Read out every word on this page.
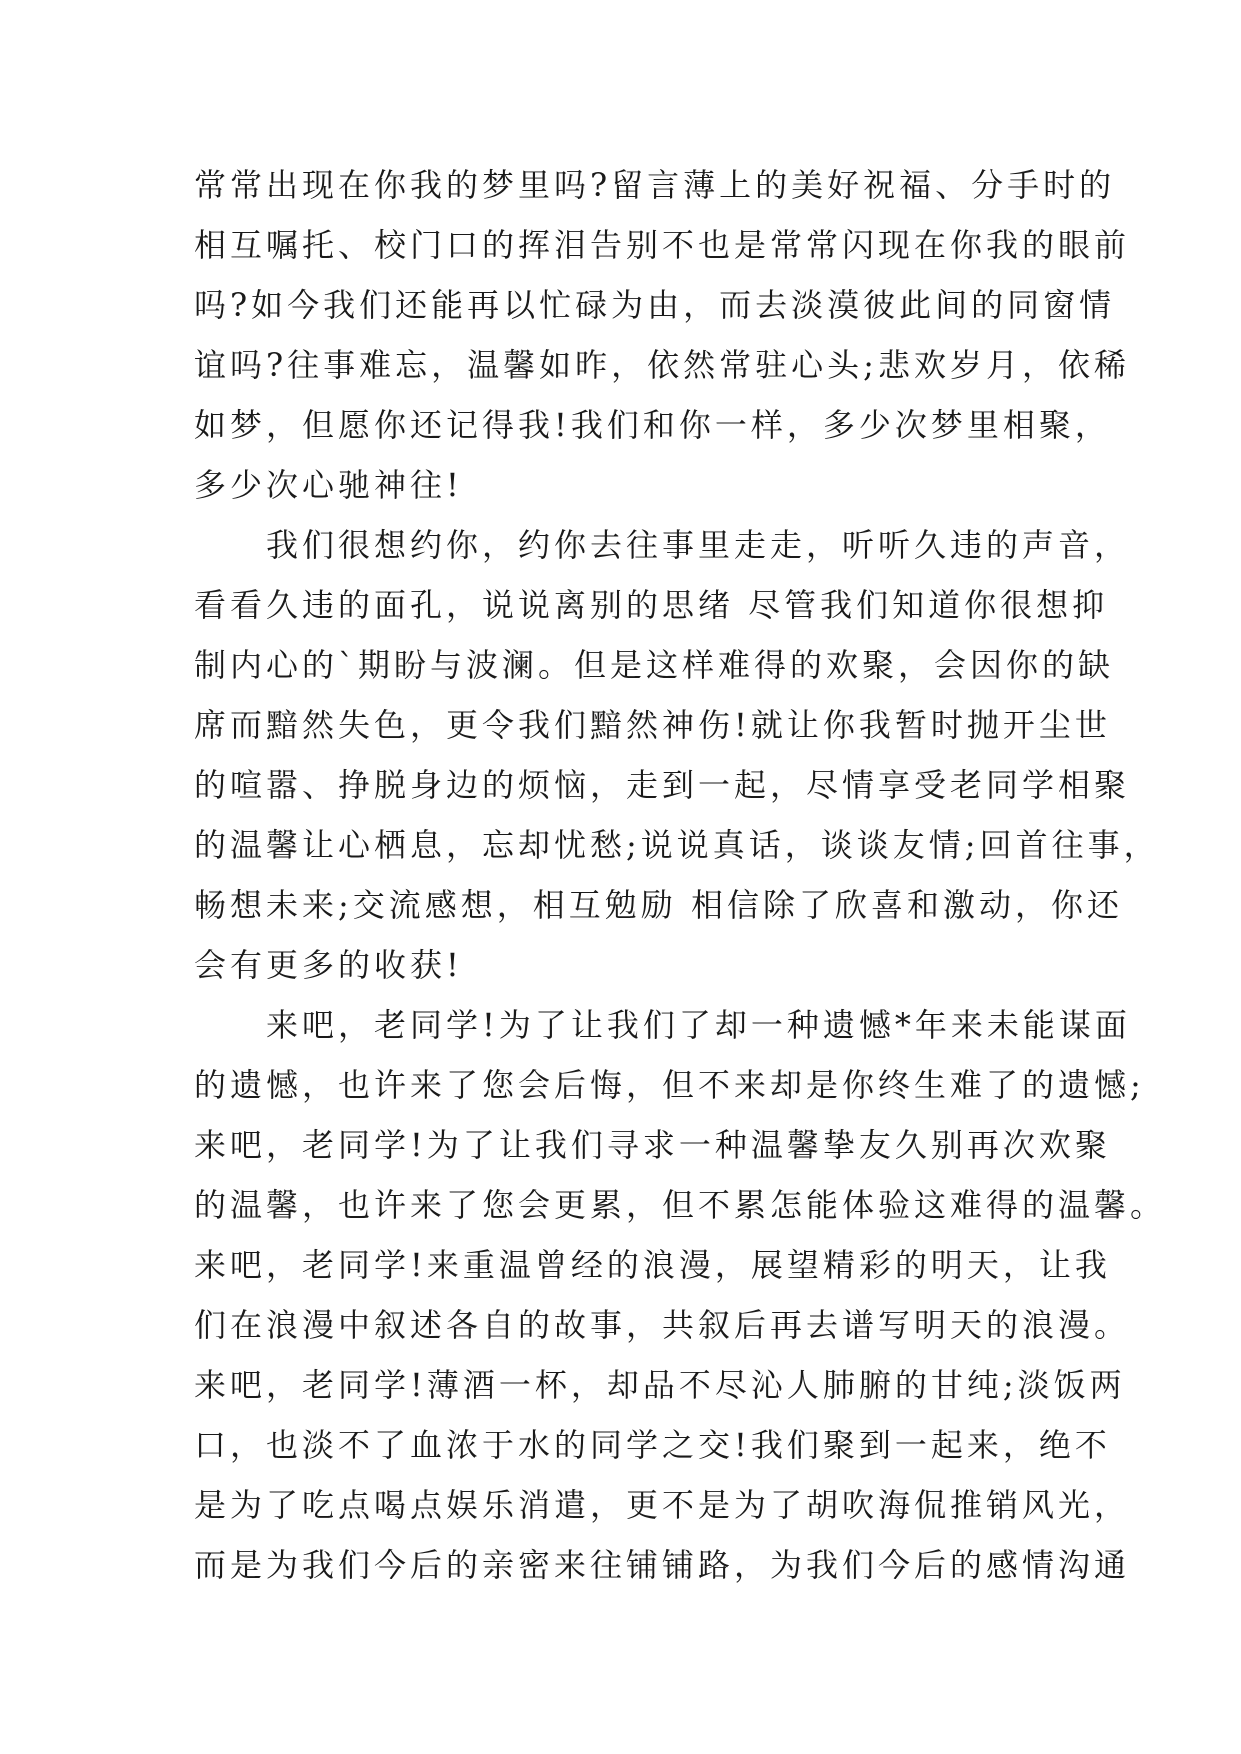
常常出现在你我的梦里吗?留言薄上的美好祝福、分手时的
相互嘱托、校门口的挥泪告别不也是常常闪现在你我的眼前
吗?如今我们还能再以忙碌为由，而去淡漠彼此间的同窗情
谊吗?往事难忘，温馨如昨，依然常驻心头;悲欢岁月，依稀
如梦，但愿你还记得我!我们和你一样，多少次梦里相聚，
多少次心驰神往!
　　我们很想约你，约你去往事里走走，听听久违的声音，
看看久违的面孔，说说离别的思绪 尽管我们知道你很想抑
制内心的`期盼与波澜。但是这样难得的欢聚，会因你的缺
席而黯然失色，更令我们黯然神伤!就让你我暂时抛开尘世
的喧嚣、挣脱身边的烦恼，走到一起，尽情享受老同学相聚
的温馨让心栖息，忘却忧愁;说说真话，谈谈友情;回首往事，
畅想未来;交流感想，相互勉励 相信除了欣喜和激动，你还
会有更多的收获!
　　来吧，老同学!为了让我们了却一种遗憾*年来未能谋面
的遗憾，也许来了您会后悔，但不来却是你终生难了的遗憾;
来吧，老同学!为了让我们寻求一种温馨挚友久别再次欢聚
的温馨，也许来了您会更累，但不累怎能体验这难得的温馨。
来吧，老同学!来重温曾经的浪漫，展望精彩的明天，让我
们在浪漫中叙述各自的故事，共叙后再去谱写明天的浪漫。
来吧，老同学!薄酒一杯，却品不尽沁人肺腑的甘纯;淡饭两
口，也淡不了血浓于水的同学之交!我们聚到一起来，绝不
是为了吃点喝点娱乐消遣，更不是为了胡吹海侃推销风光，
而是为我们今后的亲密来往铺铺路，为我们今后的感情沟通
